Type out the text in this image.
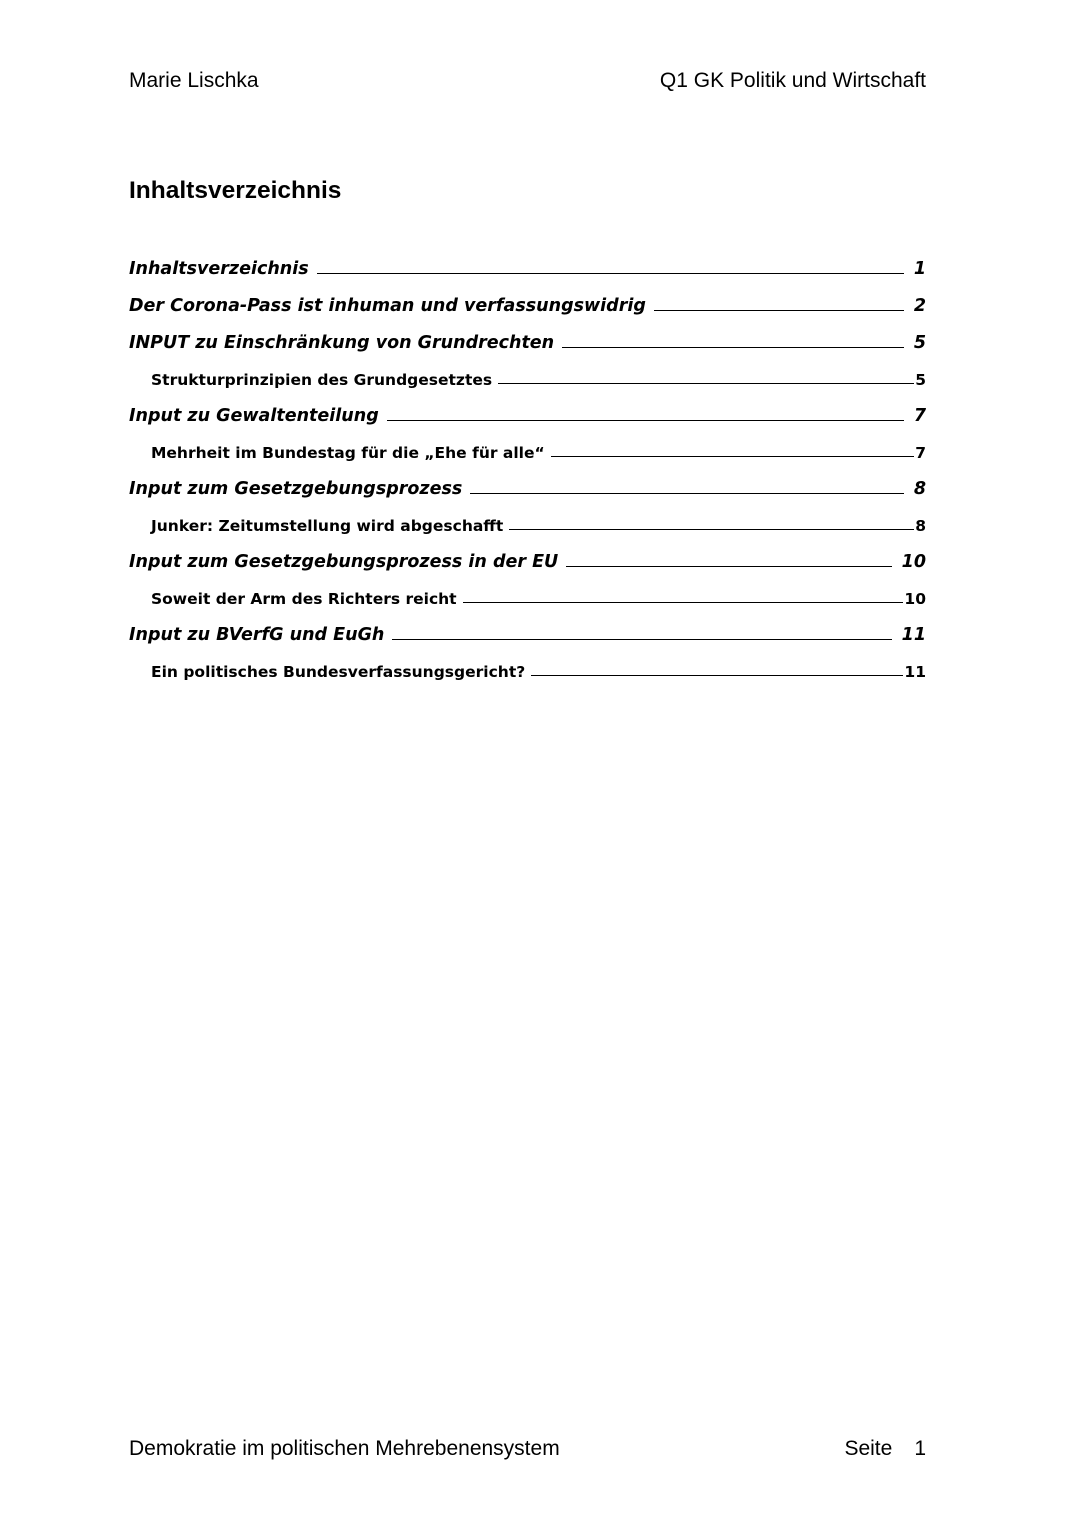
Marie Lischka	Q1 GK Politik und Wirtschaft
Inhaltsverzeichnis
Inhaltsverzeichnis	1
Der Corona-Pass ist inhuman und verfassungswidrig	2
INPUT zu Einschränkung von Grundrechten	5
Strukturprinzipien des Grundgesetztes	5
Input zu Gewaltenteilung	7
Mehrheit im Bundestag für die „Ehe für alle“	7
Input zum Gesetzgebungsprozess	8
Junker: Zeitumstellung wird abgeschafft	8
Input zum Gesetzgebungsprozess in der EU	10
Soweit der Arm des Richters reicht	10
Input zu BVerfG und EuGh	11
Ein politisches Bundesverfassungsgericht?	11
Demokratie im politischen Mehrebenensystem	Seite 1
